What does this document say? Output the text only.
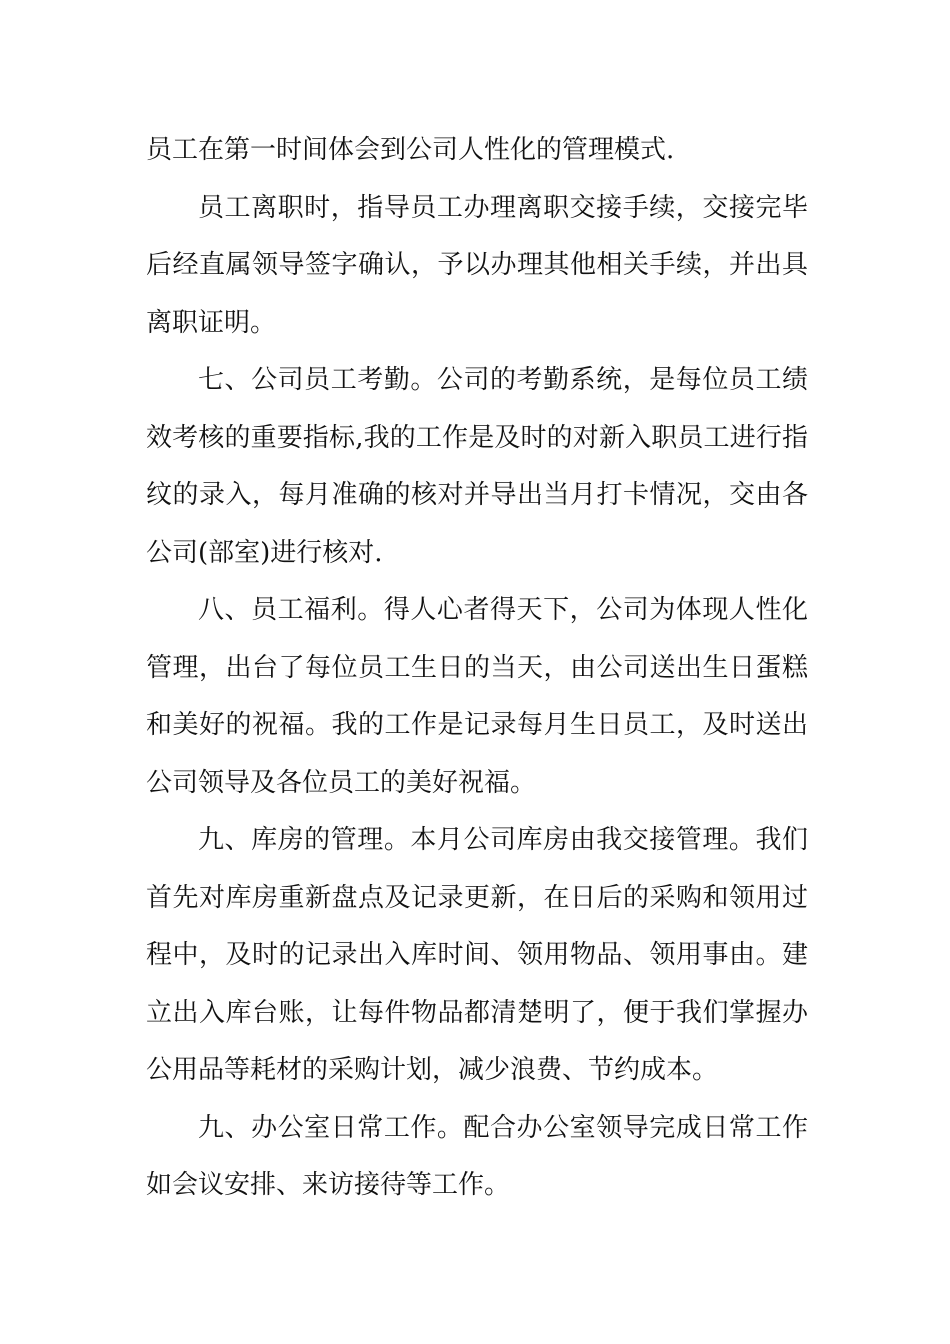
员工在第一时间体会到公司人性化的管理模式.

员工离职时，指导员工办理离职交接手续，交接完毕后经直属领导签字确认，予以办理其他相关手续，并出具离职证明。

七、公司员工考勤。公司的考勤系统，是每位员工绩效考核的重要指标,我的工作是及时的对新入职员工进行指纹的录入，每月准确的核对并导出当月打卡情况，交由各公司(部室)进行核对.

八、员工福利。得人心者得天下，公司为体现人性化管理，出台了每位员工生日的当天，由公司送出生日蛋糕和美好的祝福。我的工作是记录每月生日员工，及时送出公司领导及各位员工的美好祝福。

九、库房的管理。本月公司库房由我交接管理。我们首先对库房重新盘点及记录更新，在日后的采购和领用过程中，及时的记录出入库时间、领用物品、领用事由。建立出入库台账，让每件物品都清楚明了，便于我们掌握办公用品等耗材的采购计划，减少浪费、节约成本。

九、办公室日常工作。配合办公室领导完成日常工作如会议安排、来访接待等工作。
